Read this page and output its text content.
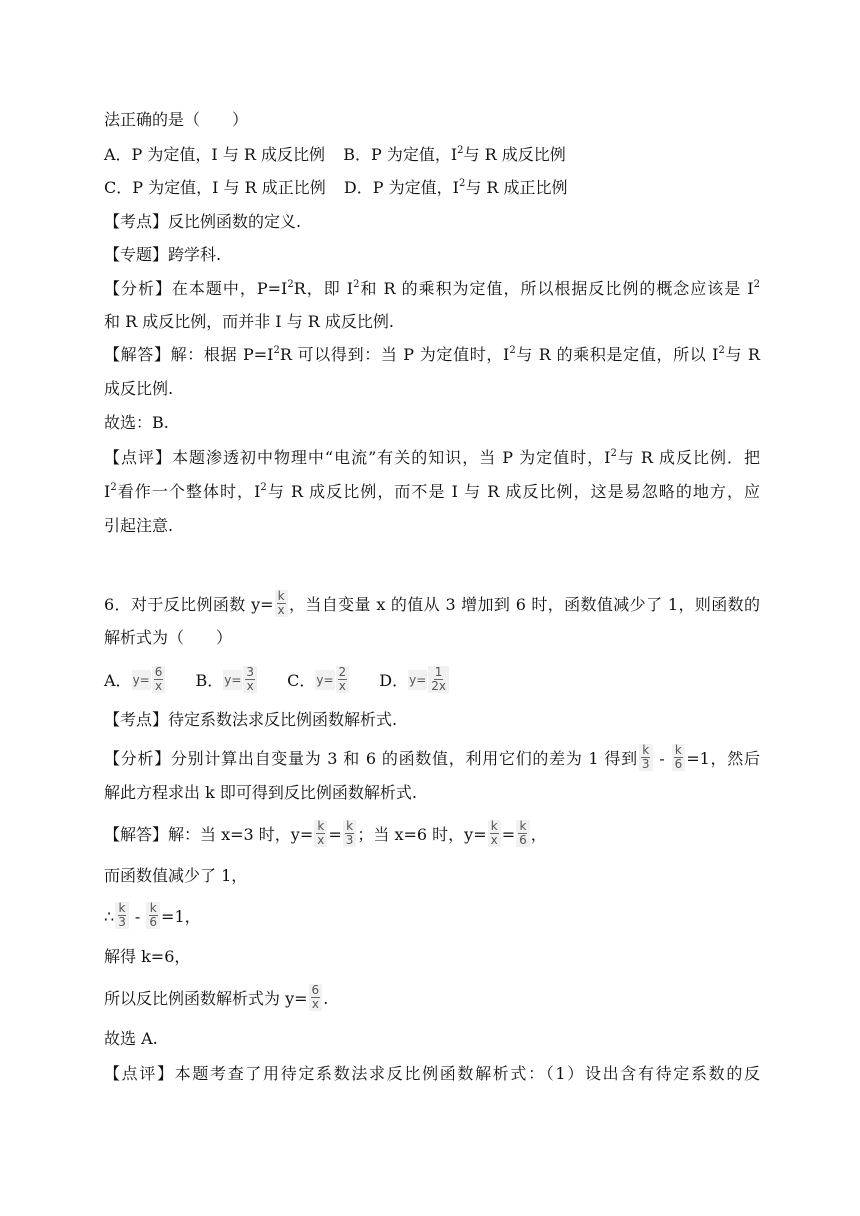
法正确的是（　　）
A．P 为定值，I 与 R 成反比例 B．P 为定值，$I^2$与 R 成反比例
C．P 为定值，I 与 R 成正比例 D．P 为定值，$I^2$与 R 成正比例
【考点】反比例函数的定义.
【专题】跨学科.
【分析】在本题中，$P=I^2R$，即 $I^2$和 R 的乘积为定值，所以根据反比例的概念应该是 $I^2$
和 R 成反比例，而并非 I 与 R 成反比例.
【解答】解：根据 $P=I^2R$ 可以得到：当 P 为定值时，$I^2$与 R 的乘积是定值，所以 $I^2$与 R
成反比例.
故选：B.
【点评】本题渗透初中物理中“电流”有关的知识，当 P 为定值时，$I^2$与 R 成反比例．把
$I^2$看作一个整体时，$I^2$与 R 成反比例，而不是 I 与 R 成反比例，这是易忽略的地方，应
引起注意.
6．对于反比例函数 $y= \frac{k}{x}$ ，当自变量 x 的值从 3 增加到 6 时，函数值减少了 1，则函数的
解析式为（　　）
A．$y= \frac{6}{x}$ B．$y= \frac{3}{x}$ C．$y= \frac{2}{x}$ D．$y= \frac{1}{2x}$
【考点】待定系数法求反比例函数解析式.
【分析】分别计算出自变量为 3 和 6 的函数值，利用它们的差为 1 得到 $\frac{k}{3} - \frac{k}{6} =1$，然后
解此方程求出 k 即可得到反比例函数解析式.
【解答】解：当 x=3 时，$y= \frac{k}{x} = \frac{k}{3}$ ；当 x=6 时，$y= \frac{k}{x} = \frac{k}{6}$ ，
而函数值减少了 1，
∴ $\frac{k}{3} - \frac{k}{6} =1$，
解得 k=6，
所以反比例函数解析式为 $y= \frac{6}{x}$ .
故选 A.
【点评】本题考查了用待定系数法求反比例函数解析式：（1）设出含有待定系数的反
